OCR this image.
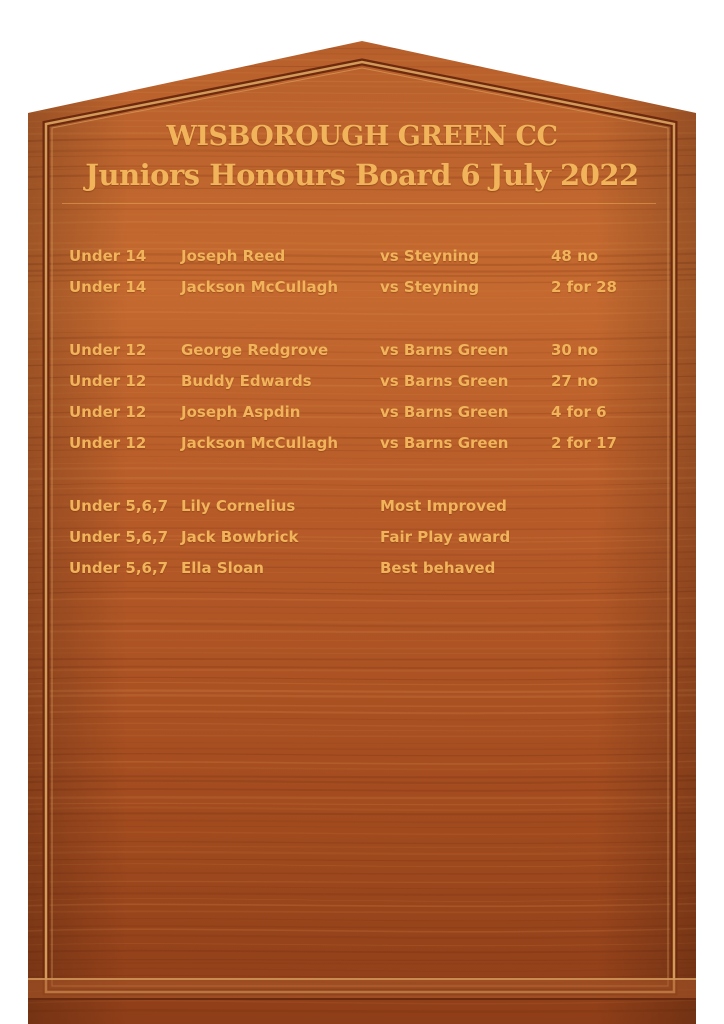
WISBOROUGH GREEN CC
Juniors Honours Board 6 July 2022
Under 14 Joseph Reed	vs Steyning	48 no
Under 14 Jackson McCullagh	vs Steyning	2 for 28
Under 12 George Redgrove	vs Barns Green	30 no
Under 12 Buddy Edwards	vs Barns Green	27 no
Under 12 Joseph Aspdin	vs Barns Green	4 for 6
Under 12 Jackson McCullagh	vs Barns Green	2 for 17
Under 5,6,7 Lily Cornelius	Most Improved
Under 5,6,7 Jack Bowbrick	Fair Play award
Under 5,6,7 Ella Sloan	Best behaved
